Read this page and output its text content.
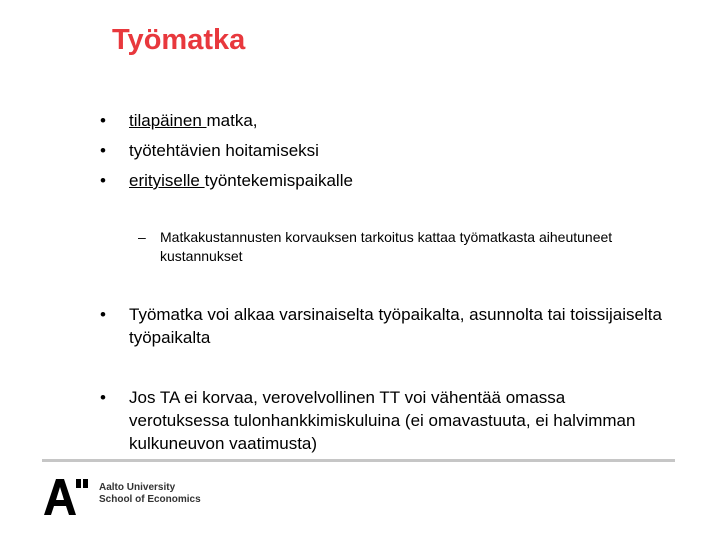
Työmatka
• tilapäinen matka,
• työtehtävien hoitamiseksi
• erityiselle työntekemispaikalle
– Matkakustannusten korvauksen tarkoitus kattaa työmatkasta aiheutuneet kustannukset
• Työmatka voi alkaa varsinaiselta työpaikalta, asunnolta tai toissijaiselta työpaikalta
• Jos TA ei korvaa, verovelvollinen TT voi vähentää omassa verotuksessa tulonhankkimiskuluina (ei omavastuuta, ei halvimman kulkuneuvon vaatimusta)
Aalto University
School of Economics
